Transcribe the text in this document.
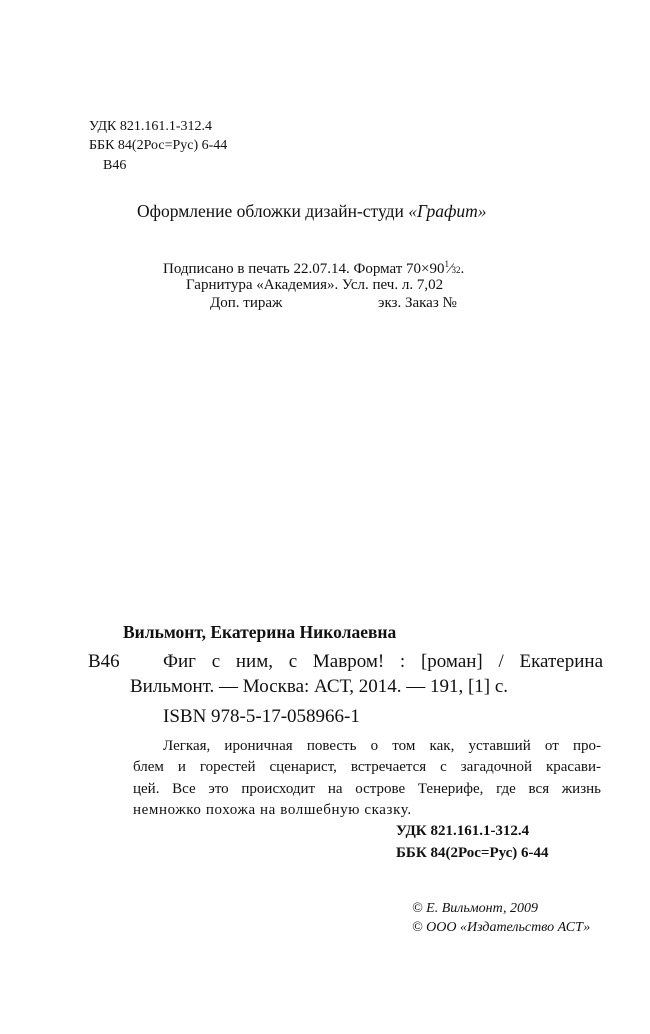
УДК 821.161.1-312.4
ББК 84(2Рос=Рус) 6-44
В46
Оформление обложки дизайн-студи «Графит»
Подписано в печать 22.07.14. Формат $70\times 90^1⁄32$.
Гарнитура «Академия». Усл. печ. л. 7,02
Доп. тираж	экз. Заказ №
Вильмонт, Екатерина Николаевна
В46 Фиг с ним, с Мавром! : [роман] / Екатерина
Вильмонт. — Москва: АСТ, 2014. — 191, [1] с.
ISBN 978-5-17-058966-1
Легкая, ироничная повесть о том как, уставший от про-
блем и горестей сценарист, встречается с загадочной красави-
цей. Все это происходит на острове Тенерифе, где вся жизнь
немножко похожа на волшебную сказку.
УДК 821.161.1-312.4
ББК 84(2Рос=Рус) 6-44
© Е. Вильмонт, 2009
© ООО «Издательство АСТ»
